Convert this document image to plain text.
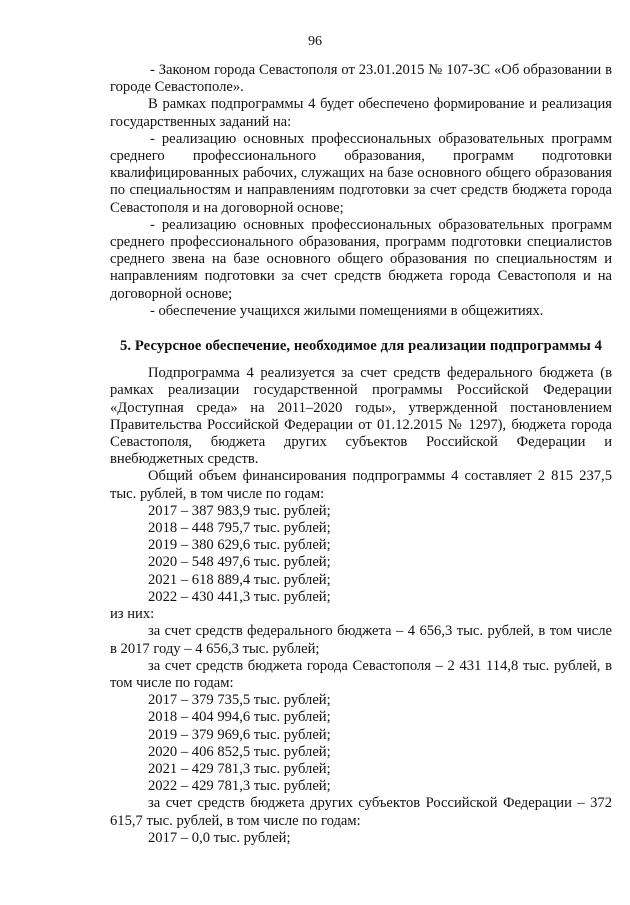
96

- Законом города Севастополя от 23.01.2015 № 107-ЗС «Об образовании в городе Севастополе».

В рамках подпрограммы 4 будет обеспечено формирование и реализация государственных заданий на:

- реализацию основных профессиональных образовательных программ среднего профессионального образования, программ подготовки квалифицированных рабочих, служащих на базе основного общего образования по специальностям и направлениям подготовки за счет средств бюджета города Севастополя и на договорной основе;

- реализацию основных профессиональных образовательных программ среднего профессионального образования, программ подготовки специалистов среднего звена на базе основного общего образования по специальностям и направлениям подготовки за счет средств бюджета города Севастополя и на договорной основе;

- обеспечение учащихся жилыми помещениями в общежитиях.

5. Ресурсное обеспечение, необходимое для реализации подпрограммы 4

Подпрограмма 4 реализуется за счет средств федерального бюджета (в рамках реализации государственной программы Российской Федерации «Доступная среда» на 2011–2020 годы», утвержденной постановлением Правительства Российской Федерации от 01.12.2015 № 1297), бюджета города Севастополя, бюджета других субъектов Российской Федерации и внебюджетных средств.

Общий объем финансирования подпрограммы 4 составляет 2 815 237,5 тыс. рублей, в том числе по годам:

2017 – 387 983,9 тыс. рублей;

2018 – 448 795,7 тыс. рублей;

2019 – 380 629,6 тыс. рублей;

2020 – 548 497,6 тыс. рублей;

2021 – 618 889,4 тыс. рублей;

2022 – 430 441,3 тыс. рублей;

из них:

за счет средств федерального бюджета – 4 656,3 тыс. рублей, в том числе в 2017 году – 4 656,3 тыс. рублей;

за счет средств бюджета города Севастополя – 2 431 114,8 тыс. рублей, в том числе по годам:

2017 – 379 735,5 тыс. рублей;

2018 – 404 994,6 тыс. рублей;

2019 – 379 969,6 тыс. рублей;

2020 – 406 852,5 тыс. рублей;

2021 – 429 781,3 тыс. рублей;

2022 – 429 781,3 тыс. рублей;

за счет средств бюджета других субъектов Российской Федерации – 372 615,7 тыс. рублей, в том числе по годам:

2017 – 0,0 тыс. рублей;
